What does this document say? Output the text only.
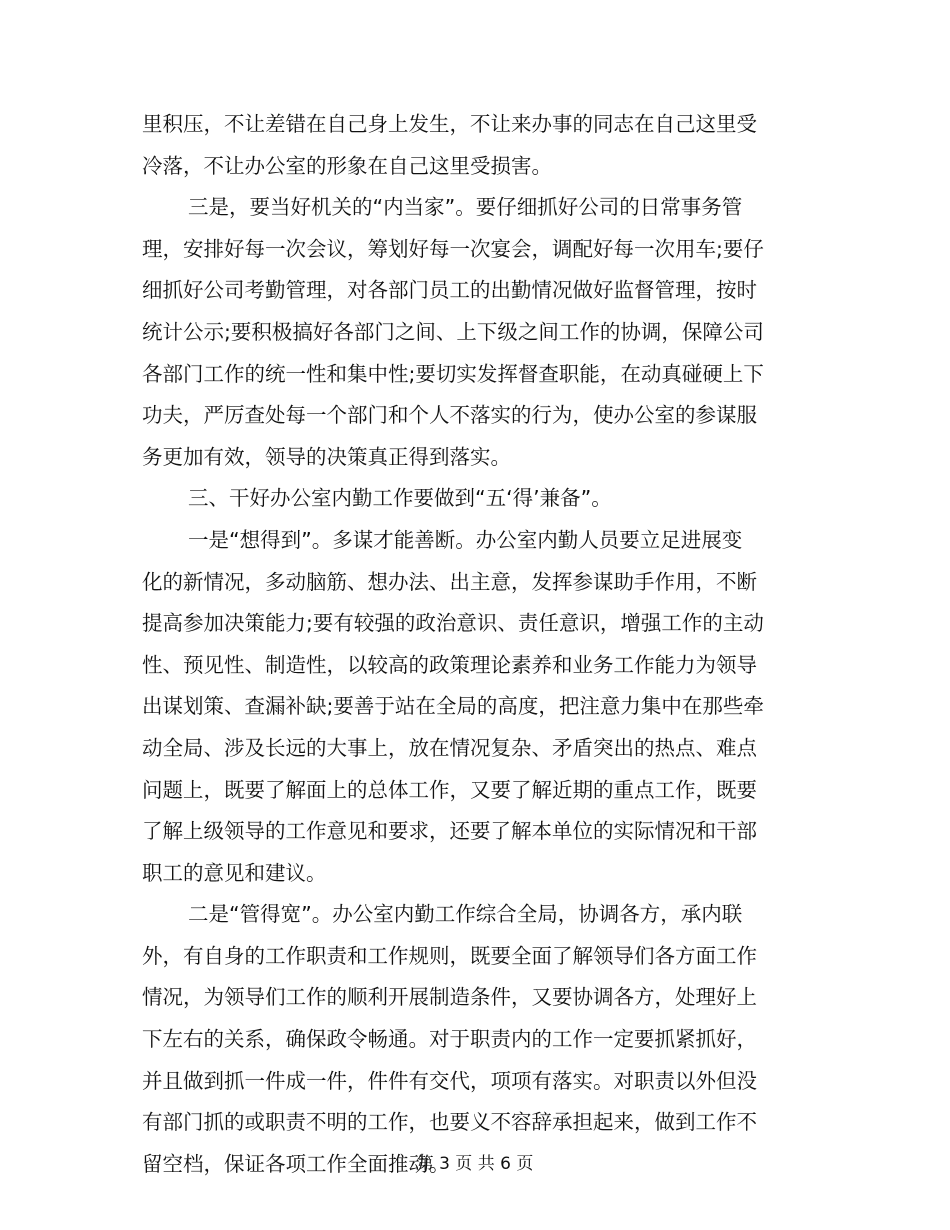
里积压，不让差错在自己身上发生，不让来办事的同志在自己这里受
冷落，不让办公室的形象在自己这里受损害。
三是，要当好机关的“内当家”。要仔细抓好公司的日常事务管
理，安排好每一次会议，筹划好每一次宴会，调配好每一次用车;要仔
细抓好公司考勤管理，对各部门员工的出勤情况做好监督管理，按时
统计公示;要积极搞好各部门之间、上下级之间工作的协调，保障公司
各部门工作的统一性和集中性;要切实发挥督查职能，在动真碰硬上下
功夫，严厉查处每一个部门和个人不落实的行为，使办公室的参谋服
务更加有效，领导的决策真正得到落实。
三、干好办公室内勤工作要做到“五‘得’兼备”。
一是“想得到”。多谋才能善断。办公室内勤人员要立足进展变
化的新情况，多动脑筋、想办法、出主意，发挥参谋助手作用，不断
提高参加决策能力;要有较强的政治意识、责任意识，增强工作的主动
性、预见性、制造性，以较高的政策理论素养和业务工作能力为领导
出谋划策、查漏补缺;要善于站在全局的高度，把注意力集中在那些牵
动全局、涉及长远的大事上，放在情况复杂、矛盾突出的热点、难点
问题上，既要了解面上的总体工作，又要了解近期的重点工作，既要
了解上级领导的工作意见和要求，还要了解本单位的实际情况和干部
职工的意见和建议。
二是“管得宽”。办公室内勤工作综合全局，协调各方，承内联
外，有自身的工作职责和工作规则，既要全面了解领导们各方面工作
情况，为领导们工作的顺利开展制造条件，又要协调各方，处理好上
下左右的关系，确保政令畅通。对于职责内的工作一定要抓紧抓好，
并且做到抓一件成一件，件件有交代，项项有落实。对职责以外但没
有部门抓的或职责不明的工作，也要义不容辞承担起来，做到工作不
留空档，保证各项工作全面推动。
第 3 页 共 6 页
